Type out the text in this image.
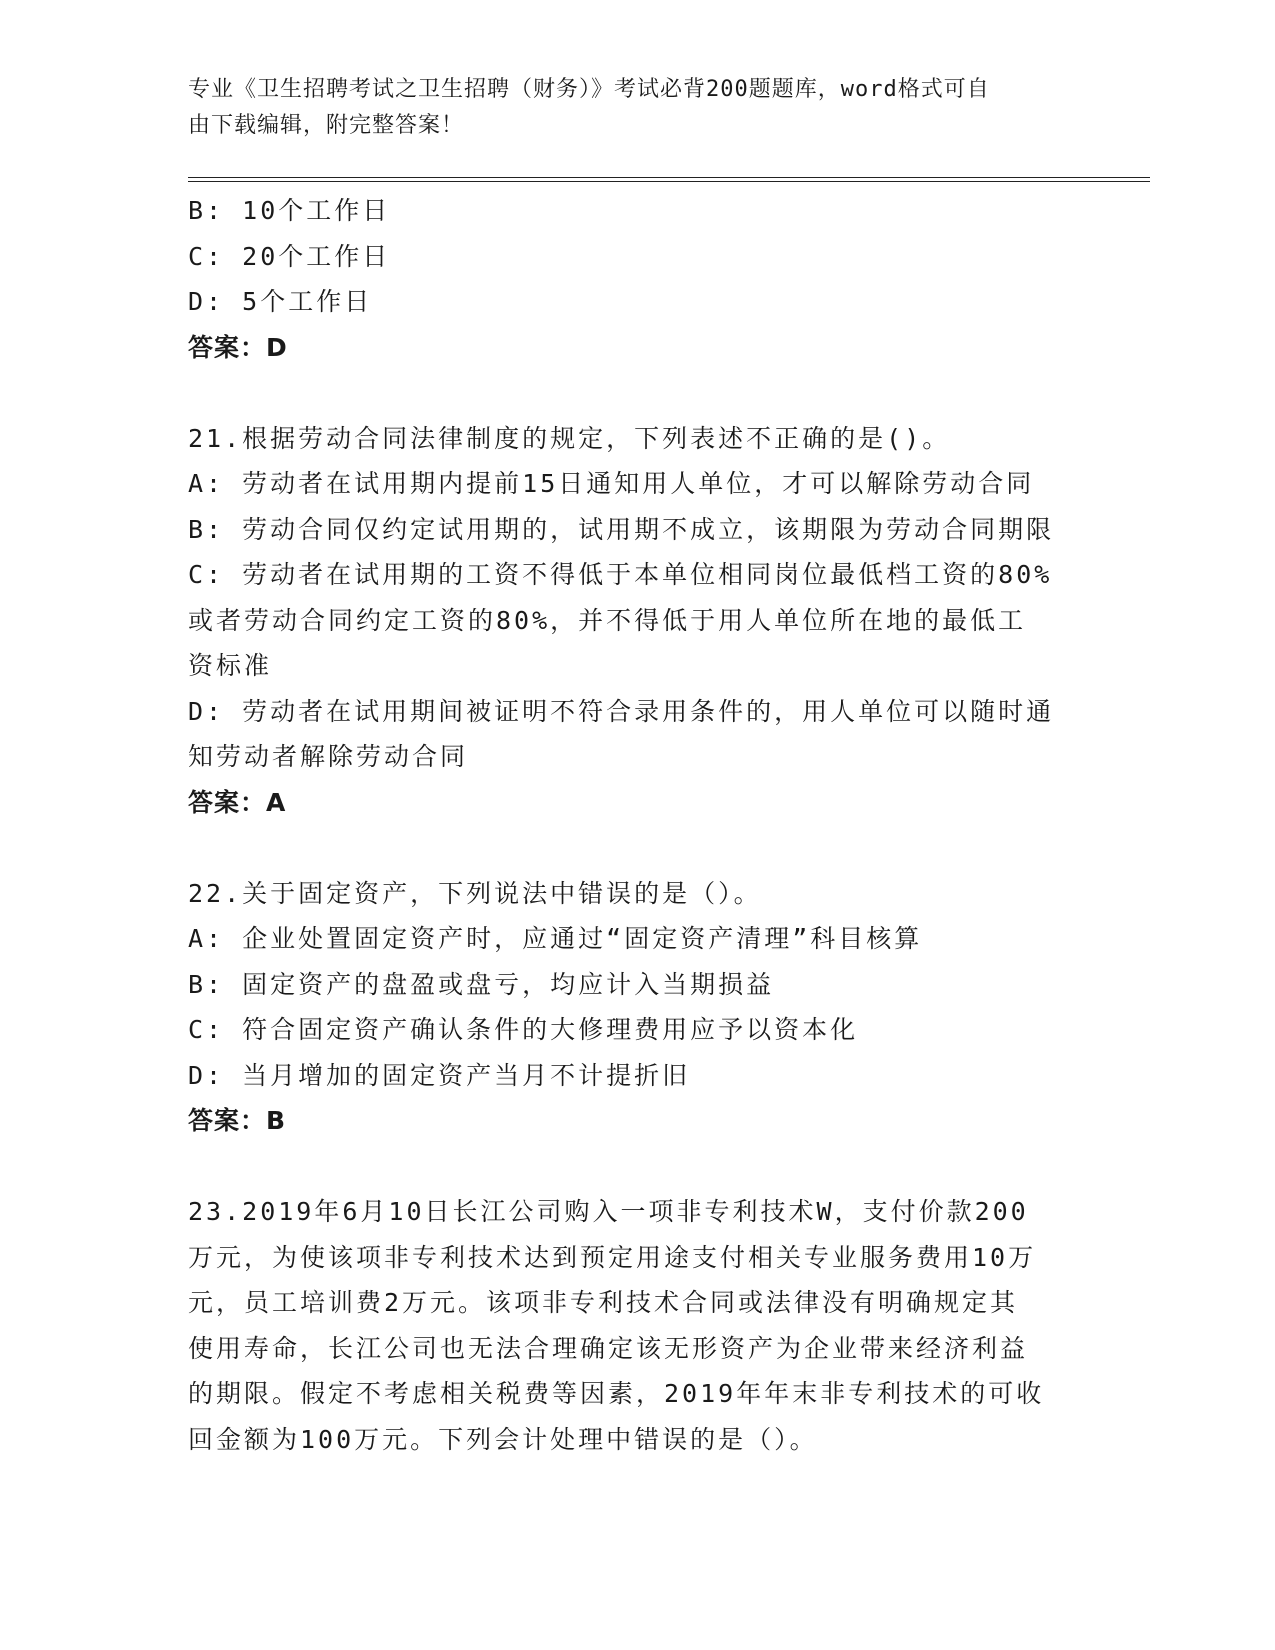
专业《卫生招聘考试之卫生招聘（财务）》考试必背200题题库，word格式可自
由下载编辑，附完整答案！
B: 10个工作日
C: 20个工作日
D: 5个工作日
答案：D
21.根据劳动合同法律制度的规定，下列表述不正确的是()。
A: 劳动者在试用期内提前15日通知用人单位，才可以解除劳动合同
B: 劳动合同仅约定试用期的，试用期不成立，该期限为劳动合同期限
C: 劳动者在试用期的工资不得低于本单位相同岗位最低档工资的80%
或者劳动合同约定工资的80%，并不得低于用人单位所在地的最低工
资标准
D: 劳动者在试用期间被证明不符合录用条件的，用人单位可以随时通
知劳动者解除劳动合同
答案：A
22.关于固定资产，下列说法中错误的是（）。
A: 企业处置固定资产时，应通过“固定资产清理”科目核算
B: 固定资产的盘盈或盘亏，均应计入当期损益
C: 符合固定资产确认条件的大修理费用应予以资本化
D: 当月增加的固定资产当月不计提折旧
答案：B
23.2019年6月10日长江公司购入一项非专利技术W，支付价款200
万元，为使该项非专利技术达到预定用途支付相关专业服务费用10万
元，员工培训费2万元。该项非专利技术合同或法律没有明确规定其
使用寿命，长江公司也无法合理确定该无形资产为企业带来经济利益
的期限。假定不考虑相关税费等因素，2019年年末非专利技术的可收
回金额为100万元。下列会计处理中错误的是（）。
